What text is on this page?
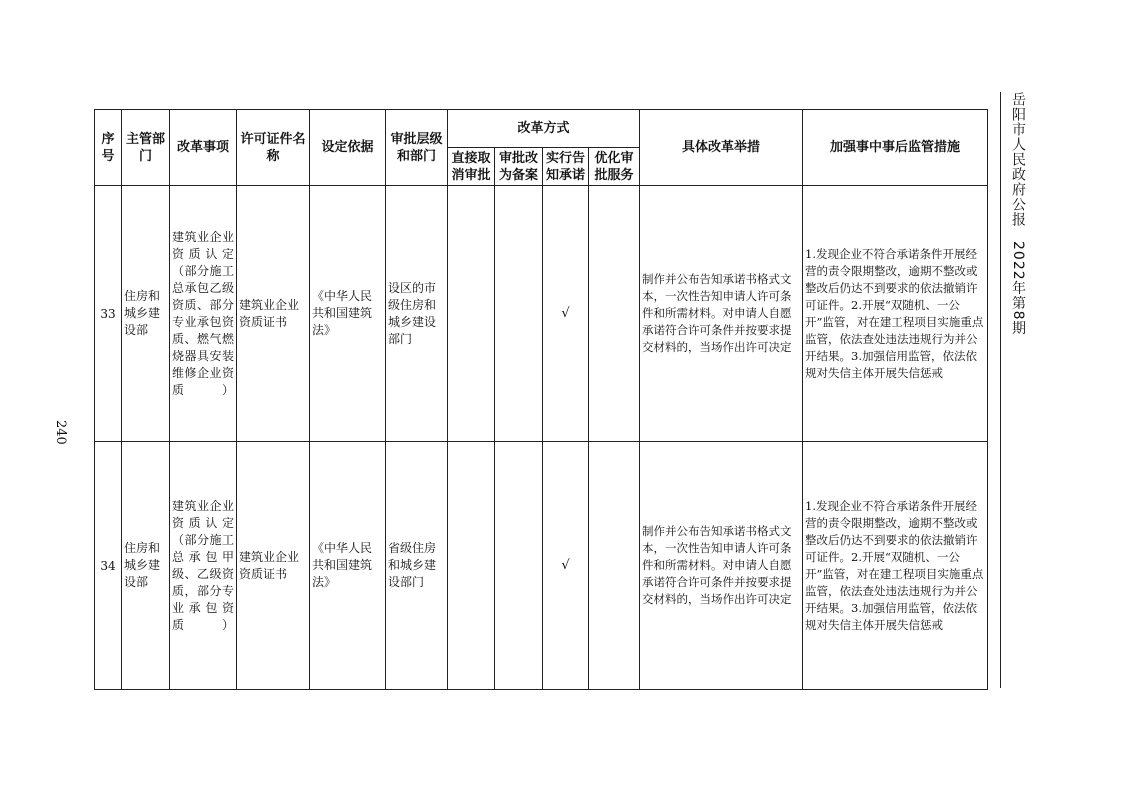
240
岳阳市人民政府公报2022年第8期
序号	主管部门	改革事项	许可证件名称	设定依据	审批层级和部门	改革方式				具体改革举措	加强事中事后监管措施
						直接取消审批	审批改为备案	实行告知承诺	优化审批服务		
33	住房和城乡建设部	建筑业企业资质认定（部分施工总承包乙级资质、部分专业承包资质、燃气燃烧器具安装维修企业资质）	建筑业企业资质证书	《中华人民共和国建筑法》	设区的市级住房和城乡建设部门			√		制作并公布告知承诺书格式文本，一次性告知申请人许可条件和所需材料。对申请人自愿承诺符合许可条件并按要求提交材料的，当场作出许可决定	1.发现企业不符合承诺条件开展经营的责令限期整改，逾期不整改或整改后仍达不到要求的依法撤销许可证件。2.开展“双随机、一公开”监管，对在建工程项目实施重点监管，依法查处违法违规行为并公开结果。3.加强信用监管，依法依规对失信主体开展失信惩戒
34	住房和城乡建设部	建筑业企业资质认定（部分施工总承包甲级、乙级资质，部分专业承包资质）	建筑业企业资质证书	《中华人民共和国建筑法》	省级住房和城乡建设部门			√		制作并公布告知承诺书格式文本，一次性告知申请人许可条件和所需材料。对申请人自愿承诺符合许可条件并按要求提交材料的，当场作出许可决定	1.发现企业不符合承诺条件开展经营的责令限期整改，逾期不整改或整改后仍达不到要求的依法撤销许可证件。2.开展“双随机、一公开”监管，对在建工程项目实施重点监管，依法查处违法违规行为并公开结果。3.加强信用监管，依法依规对失信主体开展失信惩戒
